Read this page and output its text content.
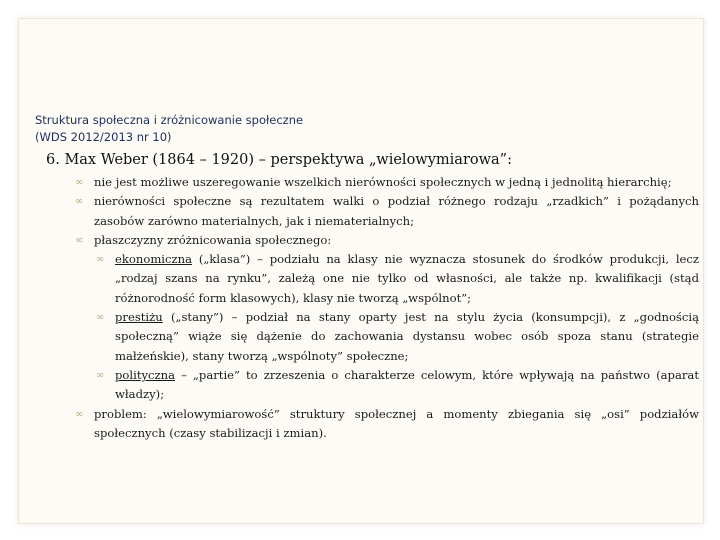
Struktura społeczna i zróżnicowanie społeczne
(WDS 2012/2013 nr 10)
6. Max Weber (1864 – 1920) – perspektywa „wielowymiarowa”:
∞ nie jest możliwe uszeregowanie wszelkich nierówności społecznych w jedną i jednolitą hierarchię;
∞ nierówności społeczne są rezultatem walki o podział różnego rodzaju „rzadkich” i pożądanych zasobów zarówno materialnych, jak i niematerialnych;
∞ płaszczyzny zróżnicowania społecznego:
∞ ekonomiczna („klasa”) – podziału na klasy nie wyznacza stosunek do środków produkcji, lecz „rodzaj szans na rynku”, zależą one nie tylko od własności, ale także np. kwalifikacji (stąd różnorodność form klasowych), klasy nie tworzą „wspólnot”;
∞ prestiżu („stany”) – podział na stany oparty jest na stylu życia (konsumpcji), z „godnością społeczną” wiąże się dążenie do zachowania dystansu wobec osób spoza stanu (strategie małżeńskie), stany tworzą „wspólnoty” społeczne;
∞ polityczna – „partie” to zrzeszenia o charakterze celowym, które wpływają na państwo (aparat władzy);
∞ problem: „wielowymiarowość” struktury społecznej a momenty zbiegania się „osi” podziałów społecznych (czasy stabilizacji i zmian).
